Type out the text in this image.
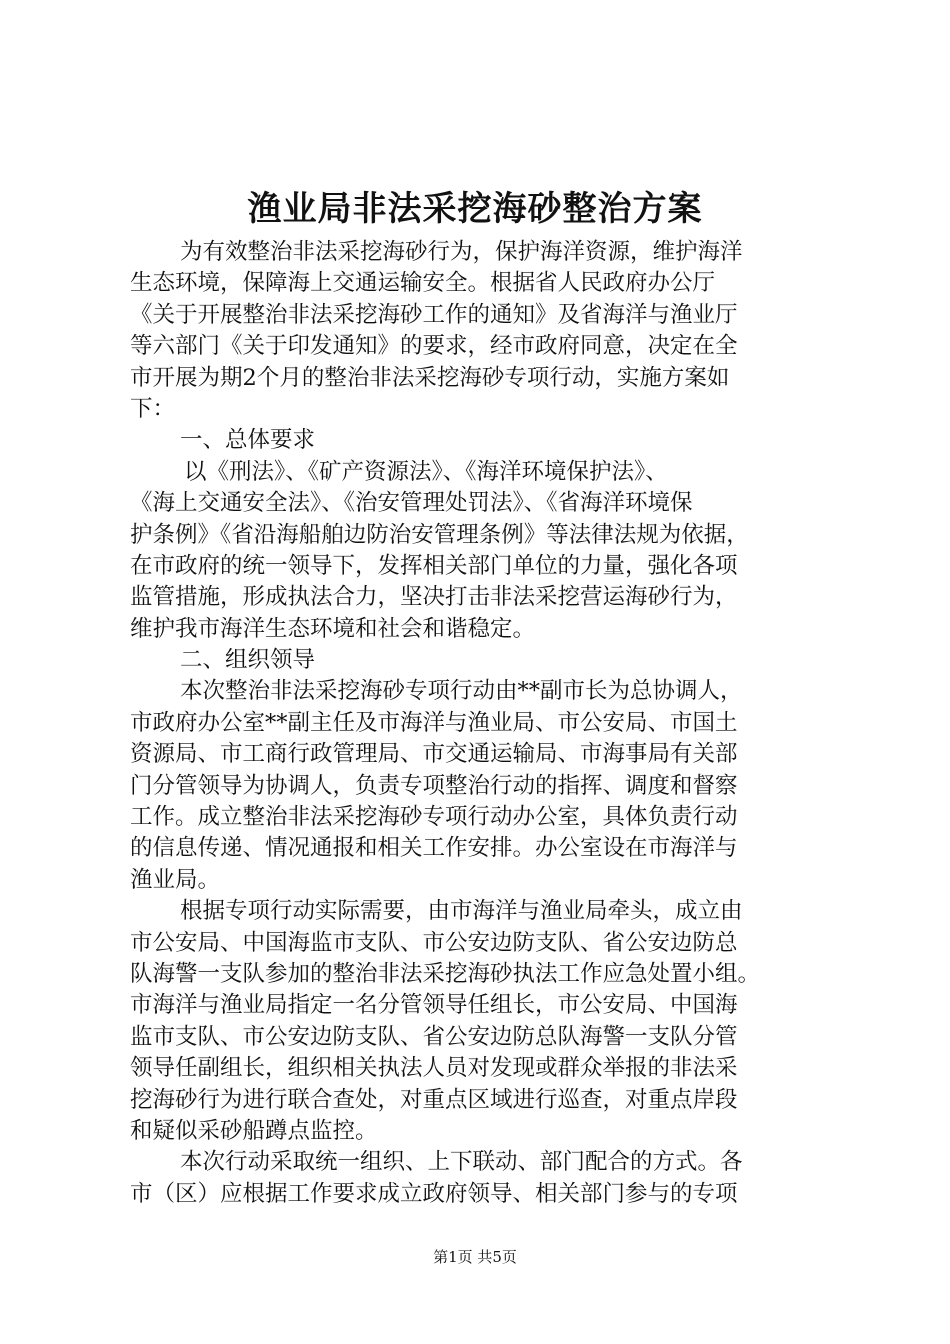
渔业局非法采挖海砂整治方案
为有效整治非法采挖海砂行为，保护海洋资源，维护海洋
生态环境，保障海上交通运输安全。根据省人民政府办公厅
《关于开展整治非法采挖海砂工作的通知》及省海洋与渔业厅
等六部门《关于印发通知》的要求，经市政府同意，决定在全
市开展为期2个月的整治非法采挖海砂专项行动，实施方案如
下：
一、总体要求
以《刑法》、《矿产资源法》、《海洋环境保护法》、
《海上交通安全法》、《治安管理处罚法》、《省海洋环境保
护条例》《省沿海船舶边防治安管理条例》等法律法规为依据，
在市政府的统一领导下，发挥相关部门单位的力量，强化各项
监管措施，形成执法合力，坚决打击非法采挖营运海砂行为，
维护我市海洋生态环境和社会和谐稳定。
二、组织领导
本次整治非法采挖海砂专项行动由**副市长为总协调人，
市政府办公室**副主任及市海洋与渔业局、市公安局、市国土
资源局、市工商行政管理局、市交通运输局、市海事局有关部
门分管领导为协调人，负责专项整治行动的指挥、调度和督察
工作。成立整治非法采挖海砂专项行动办公室，具体负责行动
的信息传递、情况通报和相关工作安排。办公室设在市海洋与
渔业局。
根据专项行动实际需要，由市海洋与渔业局牵头，成立由
市公安局、中国海监市支队、市公安边防支队、省公安边防总
队海警一支队参加的整治非法采挖海砂执法工作应急处置小组。
市海洋与渔业局指定一名分管领导任组长，市公安局、中国海
监市支队、市公安边防支队、省公安边防总队海警一支队分管
领导任副组长，组织相关执法人员对发现或群众举报的非法采
挖海砂行为进行联合查处，对重点区域进行巡查，对重点岸段
和疑似采砂船蹲点监控。
本次行动采取统一组织、上下联动、部门配合的方式。各
市（区）应根据工作要求成立政府领导、相关部门参与的专项
第1页 共5页
